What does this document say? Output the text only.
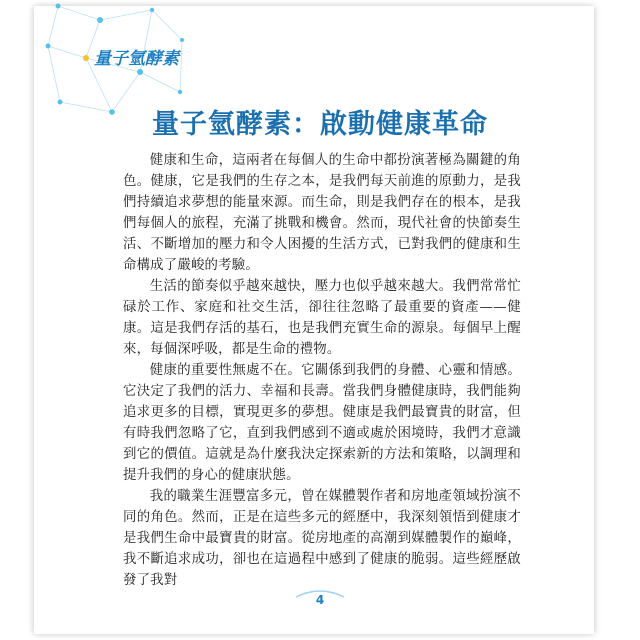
量子氫酵素
量子氫酵素：啟動健康革命

健康和生命，這兩者在每個人的生命中都扮演著極為關鍵的角色。健康，它是我們的生存之本，是我們每天前進的原動力，是我們持續追求夢想的能量來源。而生命，則是我們存在的根本，是我們每個人的旅程，充滿了挑戰和機會。然而，現代社會的快節奏生活、不斷增加的壓力和令人困擾的生活方式，已對我們的健康和生命構成了嚴峻的考驗。

生活的節奏似乎越來越快，壓力也似乎越來越大。我們常常忙碌於工作、家庭和社交生活，卻往往忽略了最重要的資產——健康。這是我們存活的基石，也是我們充實生命的源泉。每個早上醒來，每個深呼吸，都是生命的禮物。

健康的重要性無處不在。它關係到我們的身體、心靈和情感。它決定了我們的活力、幸福和長壽。當我們身體健康時，我們能夠追求更多的目標，實現更多的夢想。健康是我們最寶貴的財富，但有時我們忽略了它，直到我們感到不適或處於困境時，我們才意識到它的價值。這就是為什麼我決定探索新的方法和策略，以調理和提升我們的身心的健康狀態。

我的職業生涯豐富多元，曾在媒體製作者和房地產領域扮演不同的角色。然而，正是在這些多元的經歷中，我深刻領悟到健康才是我們生命中最寶貴的財富。從房地產的高潮到媒體製作的巔峰，我不斷追求成功，卻也在這過程中感到了健康的脆弱。這些經歷啟發了我對

4
